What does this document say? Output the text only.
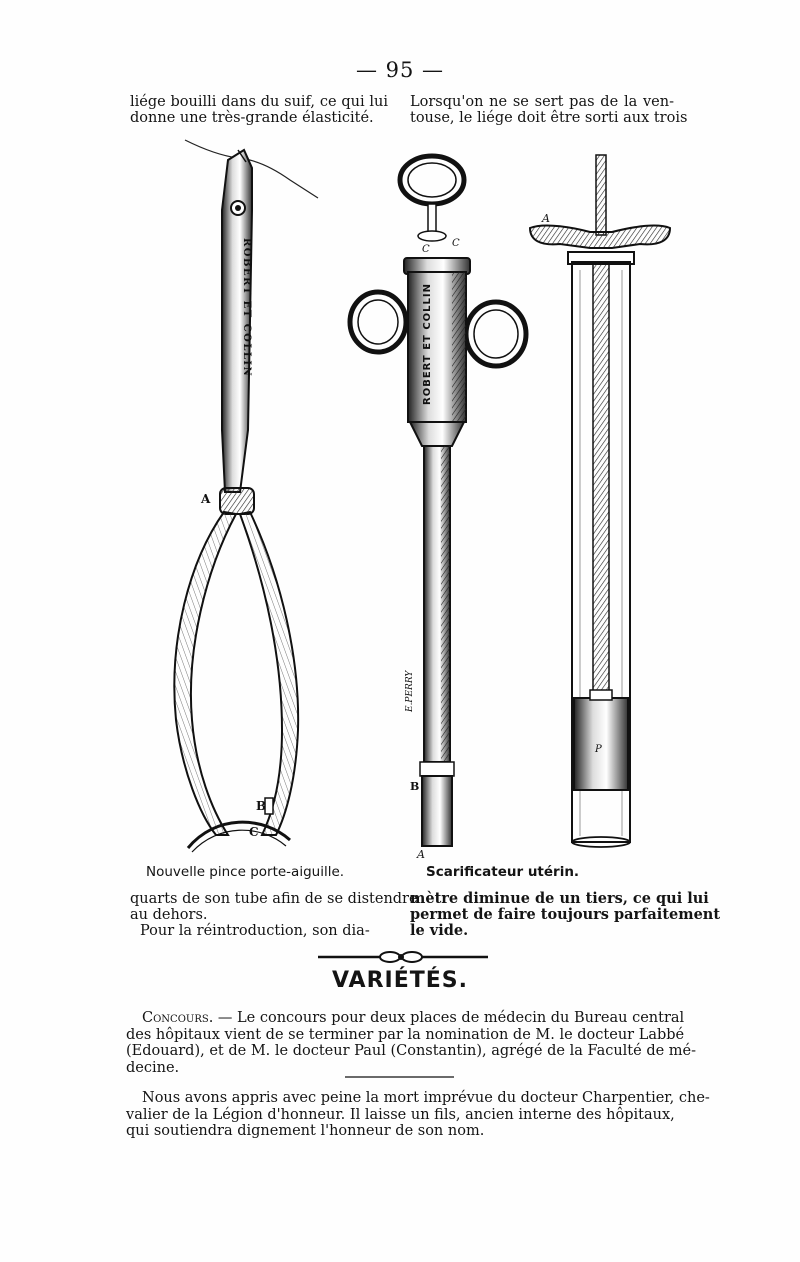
— 95 —
liége bouilli dans du suif, ce qui lui
donne une très-grande élasticité.
Lorsqu'on ne se sert pas de la ven-
touse, le liége doit être sorti aux trois
ROBERT ET COLLIN
A
B
C
C
C
ROBERT ET COLLIN
E.PERRY
B
A
A
P
Nouvelle pince porte-aiguille.	Scarificateur utérin.
quarts de son tube afin de se distendre
au dehors.
Pour la réintroduction, son dia-
mètre diminue de un tiers, ce qui lui
permet de faire toujours parfaitement
le vide.
VARIÉTÉS.
Concours. — Le concours pour deux places de médecin du Bureau central
des hôpitaux vient de se terminer par la nomination de M. le docteur Labbé
(Edouard), et de M. le docteur Paul (Constantin), agrégé de la Faculté de mé-
decine.
Nous avons appris avec peine la mort imprévue du docteur Charpentier, che-
valier de la Légion d'honneur. Il laisse un fils, ancien interne des hôpitaux,
qui soutiendra dignement l'honneur de son nom.
